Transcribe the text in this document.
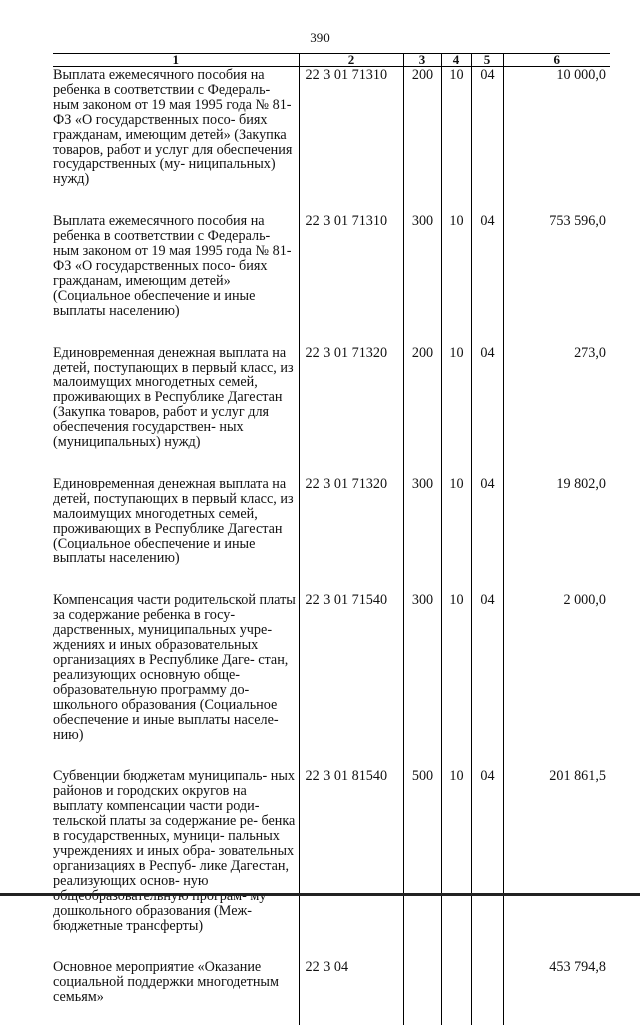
390
1	2	3	4	5	6
Выплата ежемесячного пособия на ребенка в соответствии с Федераль- ным законом от 19 мая 1995 года № 81-ФЗ «О государственных посо- биях гражданам, имеющим детей» (Закупка товаров, работ и услуг для обеспечения государственных (му- ниципальных) нужд)	22 3 01 71310	200	10	04	10 000,0
Выплата ежемесячного пособия на ребенка в соответствии с Федераль- ным законом от 19 мая 1995 года № 81-ФЗ «О государственных посо- биях гражданам, имеющим детей» (Социальное обеспечение и иные выплаты населению)	22 3 01 71310	300	10	04	753 596,0
Единовременная денежная выплата на детей, поступающих в первый класс, из малоимущих многодетных семей, проживающих в Республике Дагестан (Закупка товаров, работ и услуг для обеспечения государствен- ных (муниципальных) нужд)	22 3 01 71320	200	10	04	273,0
Единовременная денежная выплата на детей, поступающих в первый класс, из малоимущих многодетных семей, проживающих в Республике Дагестан (Социальное обеспечение и иные выплаты населению)	22 3 01 71320	300	10	04	19 802,0
Компенсация части родительской платы за содержание ребенка в госу- дарственных, муниципальных учре- ждениях и иных образовательных организациях в Республике Даге- стан, реализующих основную обще- образовательную программу до- школьного образования (Социальное обеспечение и иные выплаты населе- нию)	22 3 01 71540	300	10	04	2 000,0
Субвенции бюджетам муниципаль- ных районов и городских округов на выплату компенсации части роди- тельской платы за содержание ре- бенка в государственных, муници- пальных учреждениях и иных обра- зовательных организациях в Респуб- лике Дагестан, реализующих основ- ную дошкольного образования (Меж- бюджетные трансферты)	22 3 01 81540	500	10	04	201 861,5
Основное мероприятие «Оказание социальной поддержки многодетным семьям»	22 3 04				453 794,8
